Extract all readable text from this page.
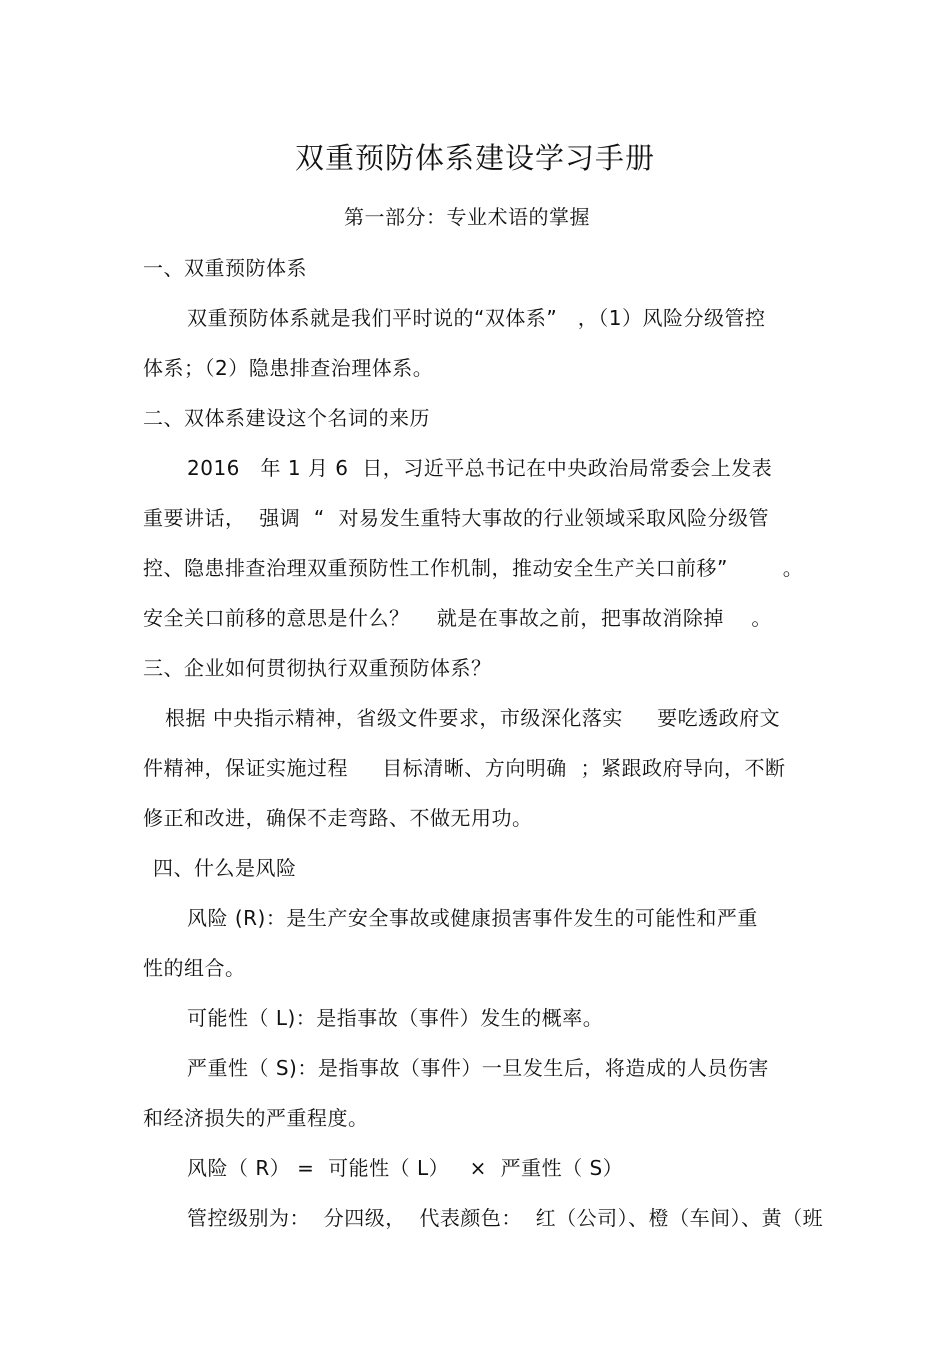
双重预防体系建设学习手册
第一部分：专业术语的掌握
一、双重预防体系
双重预防体系就是我们平时说的“双体系”   ，（1）风险分级管控
体系；（2）隐患排查治理体系。
二、双体系建设这个名词的来历
2016   年 1 月 6  日，习近平总书记在中央政治局常委会上发表
重要讲话，  强调  “  对易发生重特大事故的行业领域采取风险分级管
控、隐患排查治理双重预防性工作机制，推动安全生产关口前移”        。
安全关口前移的意思是什么？    就是在事故之前，把事故消除掉    。
三、企业如何贯彻执行双重预防体系？
根据 中央指示精神，省级文件要求，市级深化落实     要吃透政府文
件精神，保证实施过程     目标清晰、方向明确  ；紧跟政府导向，不断
修正和改进，确保不走弯路、不做无用功。
四、什么是风险
风险 (R)：是生产安全事故或健康损害事件发生的可能性和严重
性的组合。
可能性（ L)：是指事故（事件）发生的概率。
严重性（ S)：是指事故（事件）一旦发生后，将造成的人员伤害
和经济损失的严重程度。
风险（ R） =  可能性（ L）   ×  严重性（ S）
管控级别为：  分四级，  代表颜色：  红（公司）、橙（车间）、黄（班
